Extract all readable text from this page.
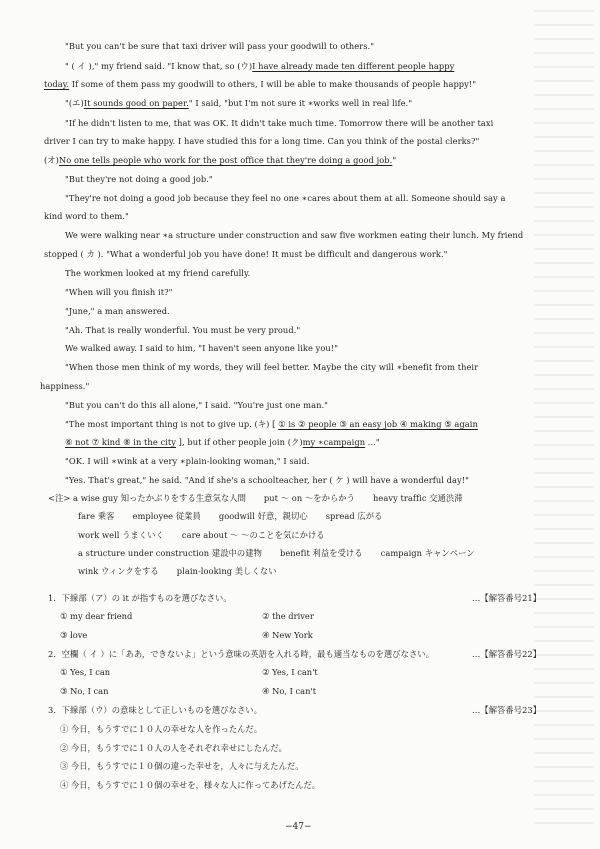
"But you can't be sure that taxi driver will pass your goodwill to others."
" ( イ )," my friend said. "I know that, so (ウ)I have already made ten different people happy
today. If some of them pass my goodwill to others, I will be able to make thousands of people happy!"
"(エ)It sounds good on paper." I said, "but I'm not sure it ∗works well in real life."
"If he didn't listen to me, that was OK. It didn't take much time. Tomorrow there will be another taxi
driver I can try to make happy. I have studied this for a long time. Can you think of the postal clerks?"
(オ)No one tells people who work for the post office that they're doing a good job."
"But they're not doing a good job."
"They're not doing a good job because they feel no one ∗cares about them at all. Someone should say a
kind word to them."
We were walking near ∗a structure under construction and saw five workmen eating their lunch. My friend
stopped ( カ ). "What a wonderful job you have done! It must be difficult and dangerous work."
The workmen looked at my friend carefully.
"When will you finish it?"
"June," a man answered.
"Ah. That is really wonderful. You must be very proud."
We walked away. I said to him, "I haven't seen anyone like you!"
"When those men think of my words, they will feel better. Maybe the city will ∗benefit from their
happiness."
"But you can't do this all alone," I said. "You're just one man."
"The most important thing is not to give up. (キ) [ ① is ② people ③ an easy job ④ making ⑤ again
⑥ not ⑦ kind ⑧ in the city ], but if other people join (ク)my ∗campaign ..."
"OK. I will ∗wink at a very ∗plain-looking woman," I said.
"Yes. That's great," he said. "And if she's a schoolteacher, her ( ケ ) will have a wonderful day!"
<注> a wise guy 知ったかぶりをする生意気な人間 put ～ on ～をからかう heavy traffic 交通渋滞
fare 乗客 employee 従業員 goodwill 好意，親切心 spread 広がる
work well うまくいく care about ～ ～のことを気にかける
a structure under construction 建設中の建物 benefit 利益を受ける campaign キャンペーン
wink ウィンクをする plain-looking 美しくない
1．下線部（ア）の it が指すものを選びなさい。	…【解答番号21】
① my dear friend	② the driver
③ love	④ New York
2．空欄（ イ ）に「ああ，できないよ」という意味の英語を入れる時，最も適当なものを選びなさい。	…【解答番号22】
① Yes, I can	② Yes, I can't
③ No, I can	④ No, I can't
3．下線部（ウ）の意味として正しいものを選びなさい。	…【解答番号23】
① 今日，もうすでに１０人の幸せな人を作ったんだ。
② 今日，もうすでに１０人の人をそれぞれ幸せにしたんだ。
③ 今日，もうすでに１０個の違った幸せを，人々に与えたんだ。
④ 今日，もうすでに１０個の幸せを，様々な人に作ってあげたんだ。
−47−
